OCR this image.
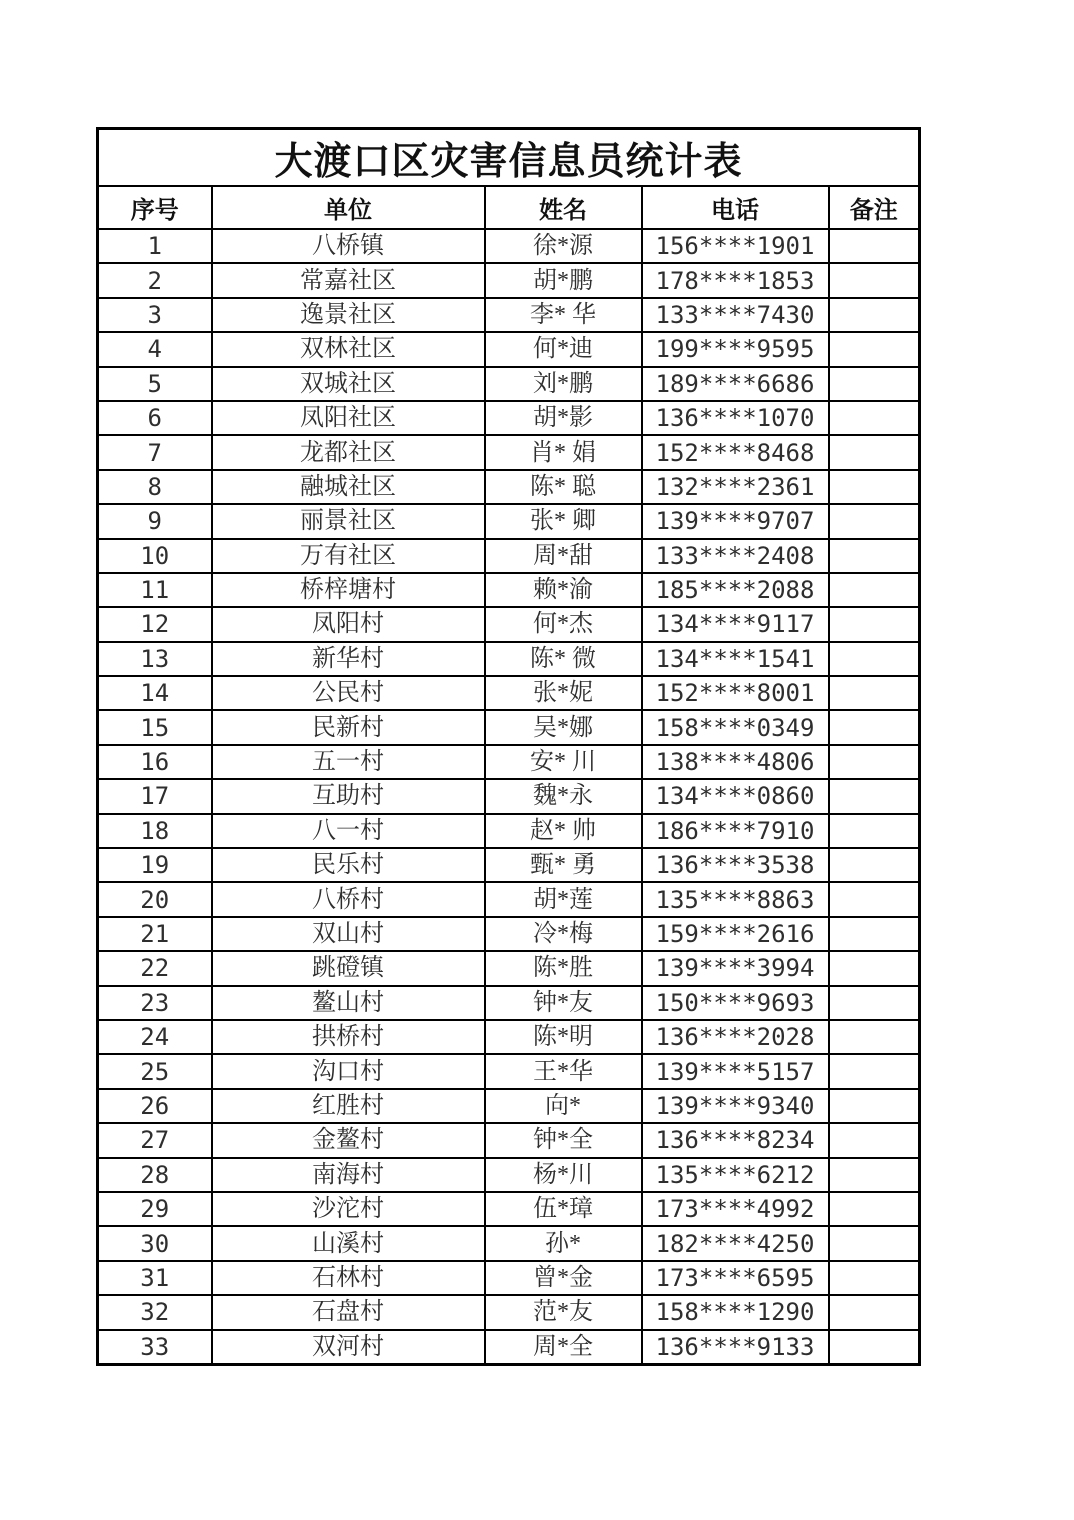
大渡口区灾害信息员统计表				
序号	单位	姓名	电话	备注
1	八桥镇	徐*源	156****1901	
2	常嘉社区	胡*鹏	178****1853	
3	逸景社区	李* 华	133****7430	
4	双林社区	何*迪	199****9595	
5	双城社区	刘*鹏	189****6686	
6	凤阳社区	胡*影	136****1070	
7	龙都社区	肖* 娟	152****8468	
8	融城社区	陈* 聪	132****2361	
9	丽景社区	张* 卿	139****9707	
10	万有社区	周*甜	133****2408	
11	桥梓塘村	赖*渝	185****2088	
12	凤阳村	何*杰	134****9117	
13	新华村	陈* 微	134****1541	
14	公民村	张*妮	152****8001	
15	民新村	吴*娜	158****0349	
16	五一村	安* 川	138****4806	
17	互助村	魏*永	134****0860	
18	八一村	赵* 帅	186****7910	
19	民乐村	甄* 勇	136****3538	
20	八桥村	胡*莲	135****8863	
21	双山村	冷*梅	159****2616	
22	跳磴镇	陈*胜	139****3994	
23	鳌山村	钟*友	150****9693	
24	拱桥村	陈*明	136****2028	
25	沟口村	王*华	139****5157	
26	红胜村	向*	139****9340	
27	金鳌村	钟*全	136****8234	
28	南海村	杨*川	135****6212	
29	沙沱村	伍*璋	173****4992	
30	山溪村	孙*	182****4250	
31	石林村	曾*金	173****6595	
32	石盘村	范*友	158****1290	
33	双河村	周*全	136****9133	
